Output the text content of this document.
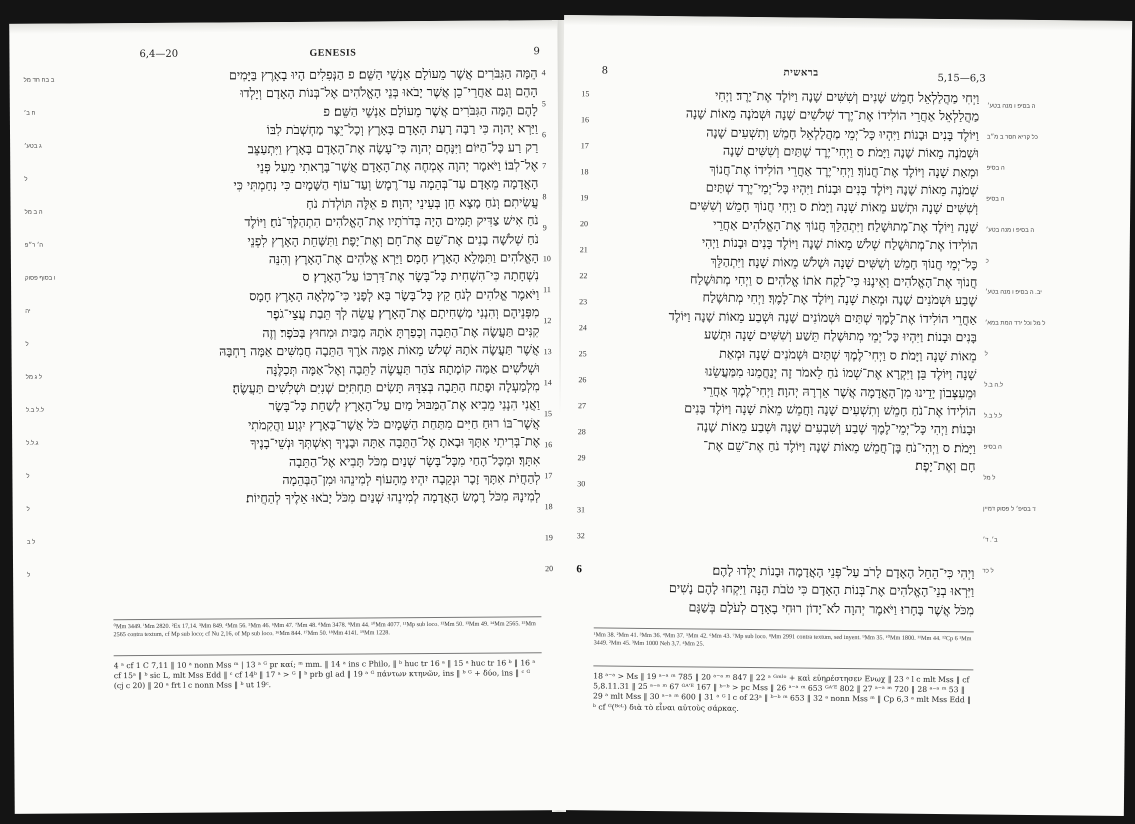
6,4—20	GENESIS	9
הֵמָּה הַגִּבֹּרִים אֲשֶׁר מֵעוֹלָם אַנְשֵׁי הַשֵּׁם׃ פ הַנְּפִלִים הָיוּ בָאָרֶץ בַּיָּמִים
הָהֵם וְגַם אַחֲרֵי־כֵן אֲשֶׁר יָבֹאוּ בְּנֵי הָאֱלֹהִים אֶל־בְּנוֹת הָאָדָם וְיָלְדוּ
לָהֶם הֵמָּה הַגִּבֹּרִים אֲשֶׁר מֵעוֹלָם אַנְשֵׁי הַשֵּׁם׃ פ
וַיַּרְא יְהוָה כִּי רַבָּה רָעַת הָאָדָם בָּאָרֶץ וְכָל־יֵצֶר מַחְשְׁבֹת לִבּוֹ
רַק רַע כָּל־הַיּוֹם׃ וַיִּנָּחֶם יְהוָה כִּי־עָשָׂה אֶת־הָאָדָם בָּאָרֶץ וַיִּתְעַצֵּב
אֶל־לִבּוֹ׃ וַיֹּאמֶר יְהוָה אֶמְחֶה אֶת־הָאָדָם אֲשֶׁר־בָּרָאתִי מֵעַל פְּנֵי
הָאֲדָמָה מֵאָדָם עַד־בְּהֵמָה עַד־רֶמֶשׂ וְעַד־עוֹף הַשָּׁמָיִם כִּי נִחַמְתִּי כִּי
עֲשִׂיתִם׃ וְנֹחַ מָצָא חֵן בְּעֵינֵי יְהוָה׃ פ אֵלֶּה תּוֹלְדֹת נֹחַ
נֹחַ אִישׁ צַדִּיק תָּמִים הָיָה בְּדֹרֹתָיו אֶת־הָאֱלֹהִים הִתְהַלֶּךְ־נֹחַ׃ וַיּוֹלֶד
נֹחַ שְׁלֹשָׁה בָנִים אֶת־שֵׁם אֶת־חָם וְאֶת־יָפֶת׃ וַתִּשָּׁחֵת הָאָרֶץ לִפְנֵי
הָאֱלֹהִים וַתִּמָּלֵא הָאָרֶץ חָמָס׃ וַיַּרְא אֱלֹהִים אֶת־הָאָרֶץ וְהִנֵּה
נִשְׁחָתָה כִּי־הִשְׁחִית כָּל־בָּשָׂר אֶת־דַּרְכּוֹ עַל־הָאָרֶץ׃ ס
וַיֹּאמֶר אֱלֹהִים לְנֹחַ קֵץ כָּל־בָּשָׂר בָּא לְפָנַי כִּי־מָלְאָה הָאָרֶץ חָמָס
מִפְּנֵיהֶם וְהִנְנִי מַשְׁחִיתָם אֶת־הָאָרֶץ׃ עֲשֵׂה לְךָ תֵּבַת עֲצֵי־גֹפֶר
קִנִּים תַּעֲשֶׂה אֶת־הַתֵּבָה וְכָפַרְתָּ אֹתָהּ מִבַּיִת וּמִחוּץ בַּכֹּפֶר׃ וְזֶה
אֲשֶׁר תַּעֲשֶׂה אֹתָהּ שְׁלֹשׁ מֵאוֹת אַמָּה אֹרֶךְ הַתֵּבָה חֲמִשִּׁים אַמָּה רָחְבָּהּ
וּשְׁלֹשִׁים אַמָּה קוֹמָתָהּ׃ צֹהַר תַּעֲשֶׂה לַתֵּבָה וְאֶל־אַמָּה תְּכַלֶּנָּה
מִלְמַעְלָה וּפֶתַח הַתֵּבָה בְּצִדָּהּ תָּשִׂים תַּחְתִּיִּם שְׁנִיִּם וּשְׁלִשִׁים תַּעֲשֶׂהָ׃
וַאֲנִי הִנְנִי מֵבִיא אֶת־הַמַּבּוּל מַיִם עַל־הָאָרֶץ לְשַׁחֵת כָּל־בָּשָׂר
אֲשֶׁר־בּוֹ רוּחַ חַיִּים מִתַּחַת הַשָּׁמָיִם כֹּל אֲשֶׁר־בָּאָרֶץ יִגְוָע׃ וַהֲקִמֹתִי
אֶת־בְּרִיתִי אִתָּךְ וּבָאתָ אֶל־הַתֵּבָה אַתָּה וּבָנֶיךָ וְאִשְׁתְּךָ וּנְשֵׁי־בָנֶיךָ
אִתָּךְ׃ וּמִכָּל־הָחַי מִכָּל־בָּשָׂר שְׁנַיִם מִכֹּל תָּבִיא אֶל־הַתֵּבָה
לְהַחֲיֹת אִתָּךְ זָכָר וּנְקֵבָה יִהְיוּ׃ מֵהָעוֹף לְמִינֵהוּ וּמִן־הַבְּהֵמָה
לְמִינָהּ מִכֹּל רֶמֶשׂ הָאֲדָמָה לְמִינֵהוּ שְׁנַיִם מִכֹּל יָבֹאוּ אֵלֶיךָ לְהַחֲיוֹת׃
ב בח חד מל
ח ב׳
ג בטע׳
ל
ה ב מל
ה׳ ר״פ
ו בסוף פסוק
יה
ל
ל ג מל
ל.ל ב.ל
ג.ל.ל
ל
ל
ל ב
ל
4
5
6
7
8
9
10
11
12
13
14
15
16
17
18
19
20
⁰Mm 3449. ⁱMm 2820. ²Ex 17,14. ³Mm 849. ⁴Mm 56. ⁵Mm 46. ⁶Mm 47. ⁷Mm 48. ⁸Mm 3478. ⁹Mm 44. ¹⁰Mm 4077. ¹¹Mp sub loco. ¹²Mm 50. ¹³Mm 49. ¹⁴Mm 2565. ¹⁵Mm 2565 contra textum, cf Mp sub loco; cf Nu 2,16, of Mp sub loco. ¹⁶Mm 844. ¹⁷Mm 50. ¹⁸Mm 4141. ¹⁹Mm 1228.
4 ᵃ cf 1 C 7,11 ‖ 10 ᵃ nonn Mss ᵐ | 13 ᵃ ᴳ pr καί; ᵐ mm. ‖ 14 ᵃ ins c Philo, ‖ ᵇ huc tr 16 ᵃ ‖ 15 ᵃ huc tr 16 ᵇ ‖ 16 ᵃ cf 15ᵃ ‖ ᵇ sic L, mlt Mss Edd ‖ ᶜ cf 14ᵇ ‖ 17 ᵃ > ᴳ ‖ ᵇ prb gl ad ‖ 19 ᵃ ᴳ πάντων κτηνῶν, ins ‖ ᵇ ᴳ + δύο, ins ‖ ᶜ ᴳ (cj c 20) ‖ 20 ᵃ frt l c nonn Mss ‖ ᵇ ut 19ᶜ.
8	בראשית	5,15—6,3
15
16
17
18
19
20
21
22
23
24
25
26
27
28
29
30
31
32
וַיְחִי מַהֲלַלְאֵל חָמֵשׁ שָׁנִים וְשִׁשִּׁים שָׁנָה וַיּוֹלֶד אֶת־יָרֶד׃ וַיְחִי
מַהֲלַלְאֵל אַחֲרֵי הוֹלִידוֹ אֶת־יֶרֶד שְׁלֹשִׁים שָׁנָה וּשְׁמֹנֶה מֵאוֹת שָׁנָה
וַיּוֹלֶד בָּנִים וּבָנוֹת׃ וַיִּהְיוּ כָּל־יְמֵי מַהֲלַלְאֵל חָמֵשׁ וְתִשְׁעִים שָׁנָה
וּשְׁמֹנֶה מֵאוֹת שָׁנָה וַיָּמֹת׃ ס וַיְחִי־יֶרֶד שְׁתַּיִם וְשִׁשִּׁים שָׁנָה
וּמְאַת שָׁנָה וַיּוֹלֶד אֶת־חֲנוֹךְ׃ וַיְחִי־יֶרֶד אַחֲרֵי הוֹלִידוֹ אֶת־חֲנוֹךְ
שְׁמֹנֶה מֵאוֹת שָׁנָה וַיּוֹלֶד בָּנִים וּבָנוֹת׃ וַיִּהְיוּ כָּל־יְמֵי־יֶרֶד שְׁתַּיִם
וְשִׁשִּׁים שָׁנָה וּתְשַׁע מֵאוֹת שָׁנָה וַיָּמֹת׃ ס וַיְחִי חֲנוֹךְ חָמֵשׁ וְשִׁשִּׁים
שָׁנָה וַיּוֹלֶד אֶת־מְתוּשָׁלַח׃ וַיִּתְהַלֵּךְ חֲנוֹךְ אֶת־הָאֱלֹהִים אַחֲרֵי
הוֹלִידוֹ אֶת־מְתוּשֶׁלַח שְׁלֹשׁ מֵאוֹת שָׁנָה וַיּוֹלֶד בָּנִים וּבָנוֹת׃ וַיְהִי
כָּל־יְמֵי חֲנוֹךְ חָמֵשׁ וְשִׁשִּׁים שָׁנָה וּשְׁלֹשׁ מֵאוֹת שָׁנָה׃ וַיִּתְהַלֵּךְ
חֲנוֹךְ אֶת־הָאֱלֹהִים וְאֵינֶנּוּ כִּי־לָקַח אֹתוֹ אֱלֹהִים׃ ס וַיְחִי מְתוּשֶׁלַח
שֶׁבַע וּשְׁמֹנִים שָׁנָה וּמְאַת שָׁנָה וַיּוֹלֶד אֶת־לָמֶךְ׃ וַיְחִי מְתוּשֶׁלַח
אַחֲרֵי הוֹלִידוֹ אֶת־לֶמֶךְ שְׁתַּיִם וּשְׁמוֹנִים שָׁנָה וּשְׁבַע מֵאוֹת שָׁנָה וַיּוֹלֶד
בָּנִים וּבָנוֹת׃ וַיִּהְיוּ כָּל־יְמֵי מְתוּשֶׁלַח תֵּשַׁע וְשִׁשִּׁים שָׁנָה וּתְשַׁע
מֵאוֹת שָׁנָה וַיָּמֹת׃ ס וַיְחִי־לֶמֶךְ שְׁתַּיִם וּשְׁמֹנִים שָׁנָה וּמְאַת
שָׁנָה וַיּוֹלֶד בֵּן׃ וַיִּקְרָא אֶת־שְׁמוֹ נֹחַ לֵאמֹר זֶה יְנַחֲמֵנוּ מִמַּעֲשֵׂנוּ
וּמֵעִצְּבוֹן יָדֵינוּ מִן־הָאֲדָמָה אֲשֶׁר אֵרְרָהּ יְהוָה׃ וַיְחִי־לֶמֶךְ אַחֲרֵי
הוֹלִידוֹ אֶת־נֹחַ חָמֵשׁ וְתִשְׁעִים שָׁנָה וַחֲמֵשׁ מֵאֹת שָׁנָה וַיּוֹלֶד בָּנִים
וּבָנוֹת׃ וַיְהִי כָּל־יְמֵי־לֶמֶךְ שֶׁבַע וְשִׁבְעִים שָׁנָה וּשְׁבַע מֵאוֹת שָׁנָה
וַיָּמֹת׃ ס וַיְהִי־נֹחַ בֶּן־חֲמֵשׁ מֵאוֹת שָׁנָה וַיּוֹלֶד נֹחַ אֶת־שֵׁם אֶת־
חָם וְאֶת־יָפֶת׃
ה בסיפ ו מנה בטע׳
כל קריא חסר ב מ״ב
ה בסיפ
ה בסיפ
ה בסיפ ו מנה בטע׳
כ
יב. ה בסיפ ו מנה בטע׳
ל מל וכל ירד המת במא׳
ל
ל.ה ב.ל
ל.ל ב.ל
ה בסיפ
ל מל
ד בסיפ׳ ל פסוק דמיין
ב׳. ד׳
ל כד
6	וַיְהִי כִּי־הֵחֵל הָאָדָם לָרֹב עַל־פְּנֵי הָאֲדָמָה וּבָנוֹת יֻלְּדוּ לָהֶם׃
וַיִּרְאוּ בְנֵי־הָאֱלֹהִים אֶת־בְּנוֹת הָאָדָם כִּי טֹבֹת הֵנָּה וַיִּקְחוּ לָהֶם נָשִׁים
מִכֹּל אֲשֶׁר בָּחָרוּ׃ וַיֹּאמֶר יְהוָה לֹא־יָדוֹן רוּחִי בָאָדָם לְעֹלָם בְּשַׁגָּם
¹Mm 38. ²Mm 41. ³Mm 36. ⁴Mm 37. ⁵Mm 42. ⁶Mm 43. ⁷Mp sub loco. ⁸Mm 2991 contra textum, sed inyent. ⁹Mm 35. ¹⁰Mm 1800. ¹¹Mm 44. ¹²Cp 6 ¹Mm 3449. ²Mm 45. ³Mm 1000 Neh 3,7. ⁴Mm 25.
18 ᵃ⁻ᵃ > Ms ‖ 19 ᵃ⁻ᵃ ᵐ 785 ‖ 20 ᵃ⁻ᵃ ᵐ 847 ‖ 22 ᵃ ᴳᵐˡᵒ + καὶ εὐηρέστησεν Ενωχ ‖ 23 ᵃ l c mlt Mss ‖ cf 5,8.11.31 ‖ 25 ᵃ⁻ᵃ ᵐ 67 ᴳᴬ′ᴱ 167 ‖ ᵇ⁻ᵇ > pc Mss ‖ 26 ᵃ⁻ᵃ ᵐ 653 ᴳᴬ′ᴱ 802 ‖ 27 ᵃ⁻ᵃ ᵐ 720 ‖ 28 ᵃ⁻ᵃ ᵐ 53 ‖ 29 ᵃ mlt Mss ‖ 30 ᵃ⁻ᵃ ᵐ 600 ‖ 31 ᵃ ᴳ l c of 23ᵃ ‖ ᵇ⁻ᵇ ᵐ 653 ‖ 32 ᵃ nonn Mss ᵐ ‖ Cp 6,3 ᵃ mlt Mss Edd ‖ ᵇ cf ᴳ(ᴮᶜᴸ) διὰ τὸ εἶναι αὐτοὺς σάρκας.
